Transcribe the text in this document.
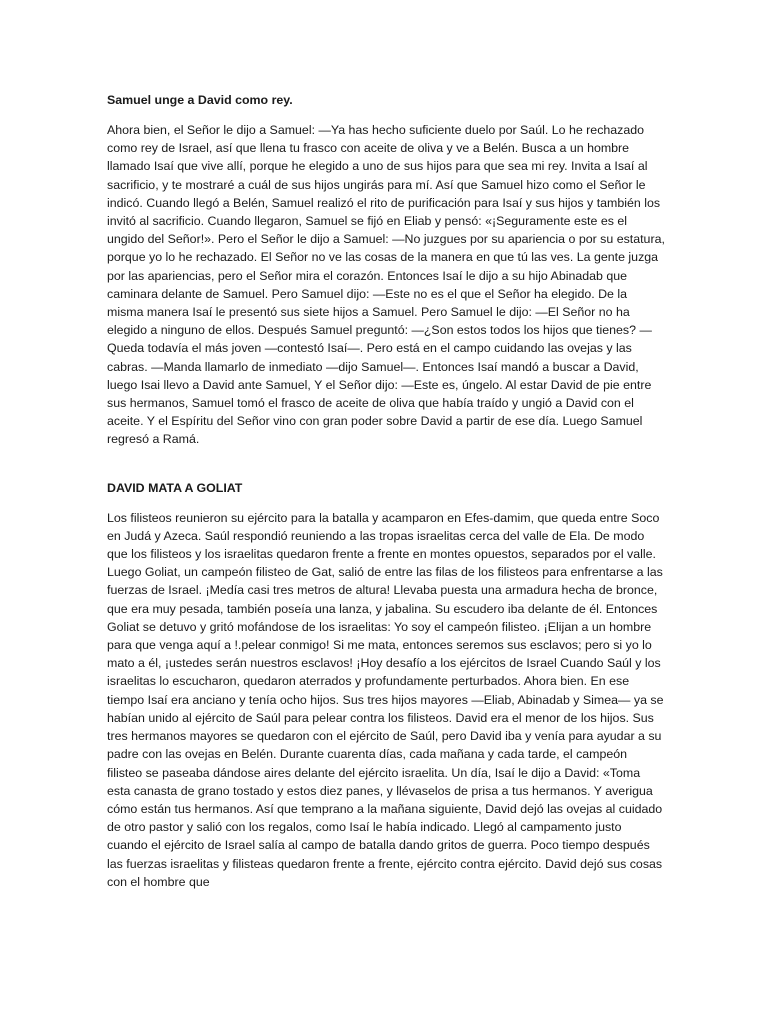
Samuel unge a David como rey.

Ahora bien, el Señor le dijo a Samuel: —Ya has hecho suficiente duelo por Saúl. Lo he rechazado como rey de Israel, así que llena tu frasco con aceite de oliva y ve a Belén. Busca a un hombre llamado Isaí que vive allí, porque he elegido a uno de sus hijos para que sea mi rey. Invita a Isaí al sacrificio, y te mostraré a cuál de sus hijos ungirás para mí. Así que Samuel hizo como el Señor le indicó. Cuando llegó a Belén, Samuel realizó el rito de purificación para Isaí y sus hijos y también los invitó al sacrificio. Cuando llegaron, Samuel se fijó en Eliab y pensó: «¡Seguramente este es el ungido del Señor!». Pero el Señor le dijo a Samuel: —No juzgues por su apariencia o por su estatura, porque yo lo he rechazado. El Señor no ve las cosas de la manera en que tú las ves. La gente juzga por las apariencias, pero el Señor mira el corazón. Entonces Isaí le dijo a su hijo Abinadab que caminara delante de Samuel. Pero Samuel dijo: —Este no es el que el Señor ha elegido. De la misma manera Isaí le presentó sus siete hijos a Samuel. Pero Samuel le dijo: —El Señor no ha elegido a ninguno de ellos. Después Samuel preguntó: —¿Son estos todos los hijos que tienes? —Queda todavía el más joven —contestó Isaí—. Pero está en el campo cuidando las ovejas y las cabras. —Manda llamarlo de inmediato —dijo Samuel—. Entonces Isaí mandó a buscar a David, luego Isai llevo a David ante Samuel, Y el Señor dijo: —Este es, úngelo. Al estar David de pie entre sus hermanos, Samuel tomó el frasco de aceite de oliva que había traído y ungió a David con el aceite. Y el Espíritu del Señor vino con gran poder sobre David a partir de ese día. Luego Samuel regresó a Ramá.

DAVID MATA A GOLIAT

Los filisteos reunieron su ejército para la batalla y acamparon en Efes-damim, que queda entre Soco en Judá y Azeca. Saúl respondió reuniendo a las tropas israelitas cerca del valle de Ela. De modo que los filisteos y los israelitas quedaron frente a frente en montes opuestos, separados por el valle. Luego Goliat, un campeón filisteo de Gat, salió de entre las filas de los filisteos para enfrentarse a las fuerzas de Israel. ¡Medía casi tres metros de altura! Llevaba puesta una armadura hecha de bronce, que era muy pesada, también poseía una lanza, y jabalina. Su escudero iba delante de él. Entonces Goliat se detuvo y gritó mofándose de los israelitas: Yo soy el campeón filisteo. ¡Elijan a un hombre para que venga aquí a !.pelear conmigo! Si me mata, entonces seremos sus esclavos; pero si yo lo mato a él, ¡ustedes serán nuestros esclavos! ¡Hoy desafío a los ejércitos de Israel Cuando Saúl y los israelitas lo escucharon, quedaron aterrados y profundamente perturbados. Ahora bien. En ese tiempo Isaí era anciano y tenía ocho hijos. Sus tres hijos mayores —Eliab, Abinadab y Simea— ya se habían unido al ejército de Saúl para pelear contra los filisteos. David era el menor de los hijos. Sus tres hermanos mayores se quedaron con el ejército de Saúl, pero David iba y venía para ayudar a su padre con las ovejas en Belén. Durante cuarenta días, cada mañana y cada tarde, el campeón filisteo se paseaba dándose aires delante del ejército israelita. Un día, Isaí le dijo a David: «Toma esta canasta de grano tostado y estos diez panes, y llévaselos de prisa a tus hermanos. Y averigua cómo están tus hermanos. Así que temprano a la mañana siguiente, David dejó las ovejas al cuidado de otro pastor y salió con los regalos, como Isaí le había indicado. Llegó al campamento justo cuando el ejército de Israel salía al campo de batalla dando gritos de guerra. Poco tiempo después las fuerzas israelitas y filisteas quedaron frente a frente, ejército contra ejército. David dejó sus cosas con el hombre que
